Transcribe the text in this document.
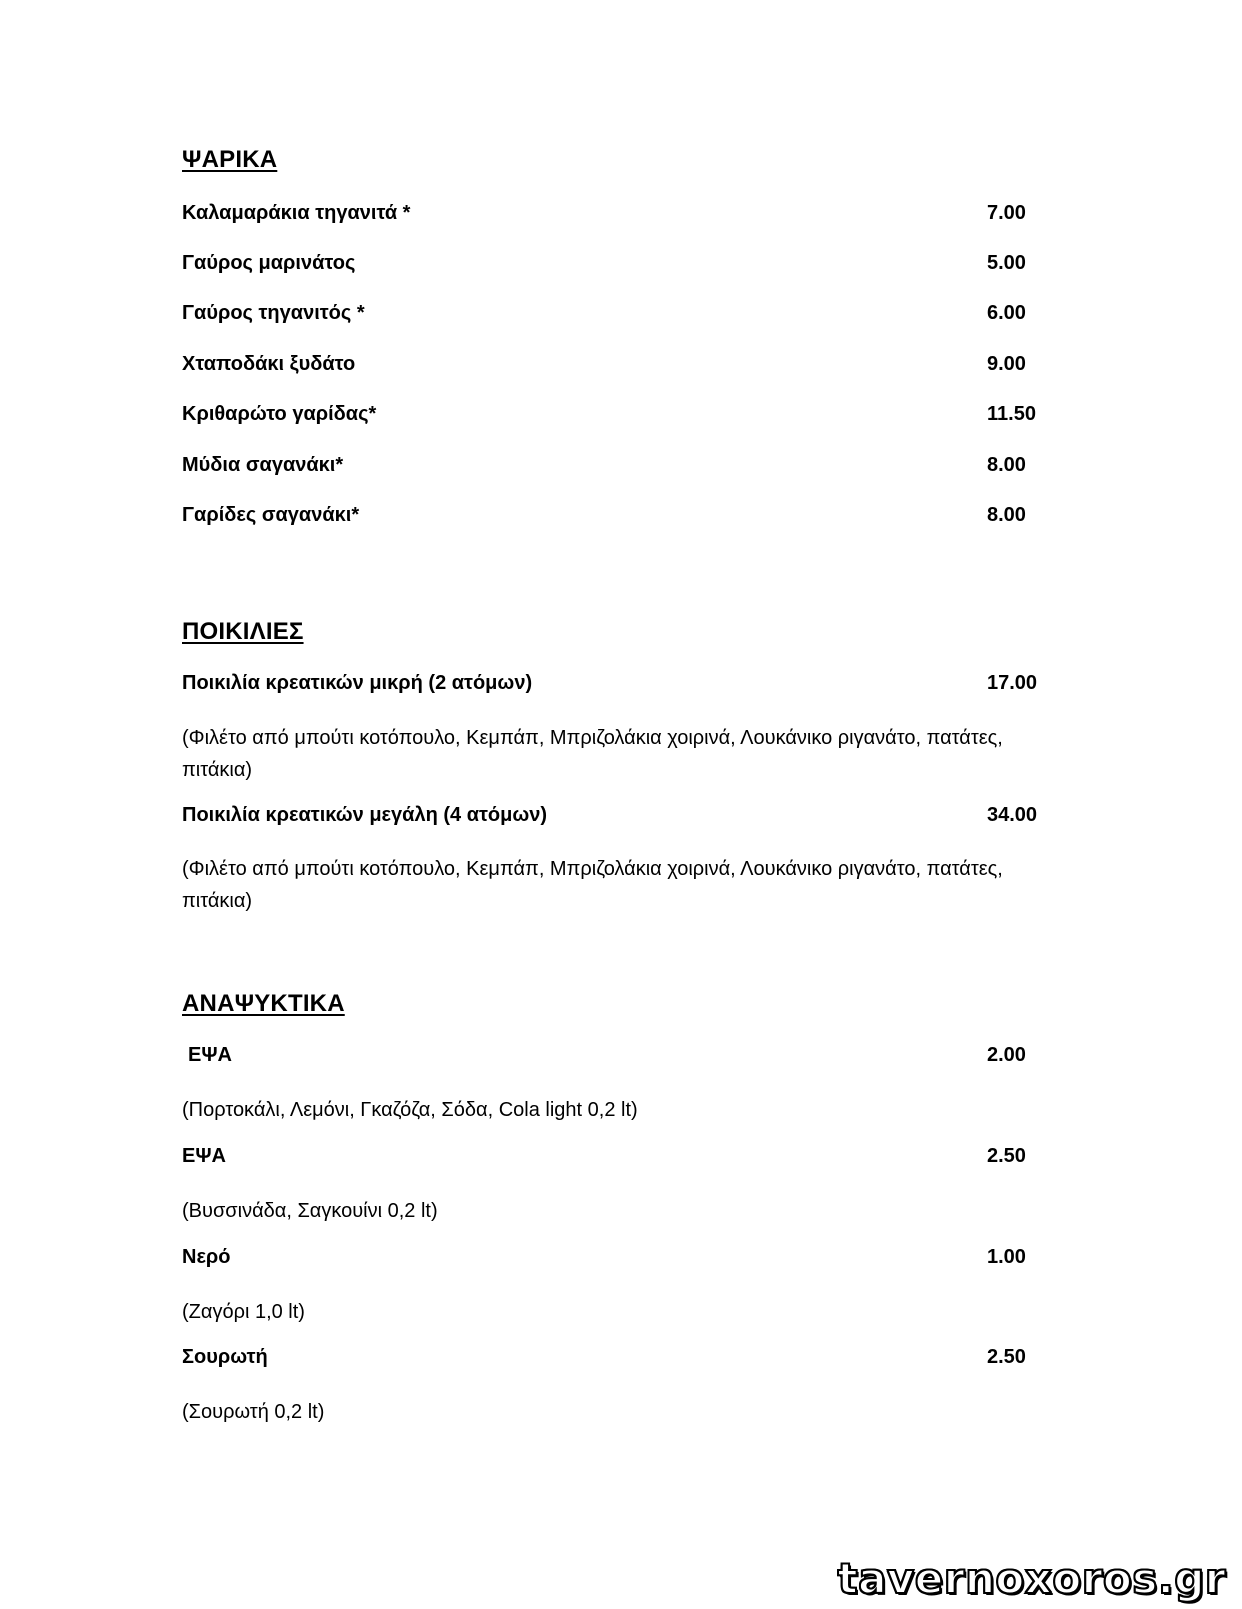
ΨΑΡΙΚΑ
Καλαμαράκια τηγανιτά *	7.00
Γαύρος μαρινάτος	5.00
Γαύρος τηγανιτός *	6.00
Χταποδάκι ξυδάτο	9.00
Κριθαρώτο γαρίδας*	11.50
Μύδια σαγανάκι*	8.00
Γαρίδες σαγανάκι*	8.00
ΠΟΙΚΙΛΙΕΣ
Ποικιλία κρεατικών μικρή (2 ατόμων)	17.00
(Φιλέτο από μπούτι κοτόπουλο, Κεμπάπ, Μπριζολάκια χοιρινά, Λουκάνικο ριγανάτο, πατάτες, πιτάκια)
Ποικιλία κρεατικών μεγάλη (4 ατόμων)	34.00
(Φιλέτο από μπούτι κοτόπουλο, Κεμπάπ, Μπριζολάκια χοιρινά, Λουκάνικο ριγανάτο, πατάτες, πιτάκια)
ΑΝΑΨΥΚΤΙΚΑ
ΕΨΑ	2.00
(Πορτοκάλι, Λεμόνι, Γκαζόζα, Σόδα, Cola light 0,2 lt)
ΕΨΑ	2.50
(Βυσσινάδα, Σαγκουίνι 0,2 lt)
Νερό	1.00
(Ζαγόρι 1,0 lt)
Σουρωτή	2.50
(Σουρωτή 0,2 lt)
tavernoxoros.gr
